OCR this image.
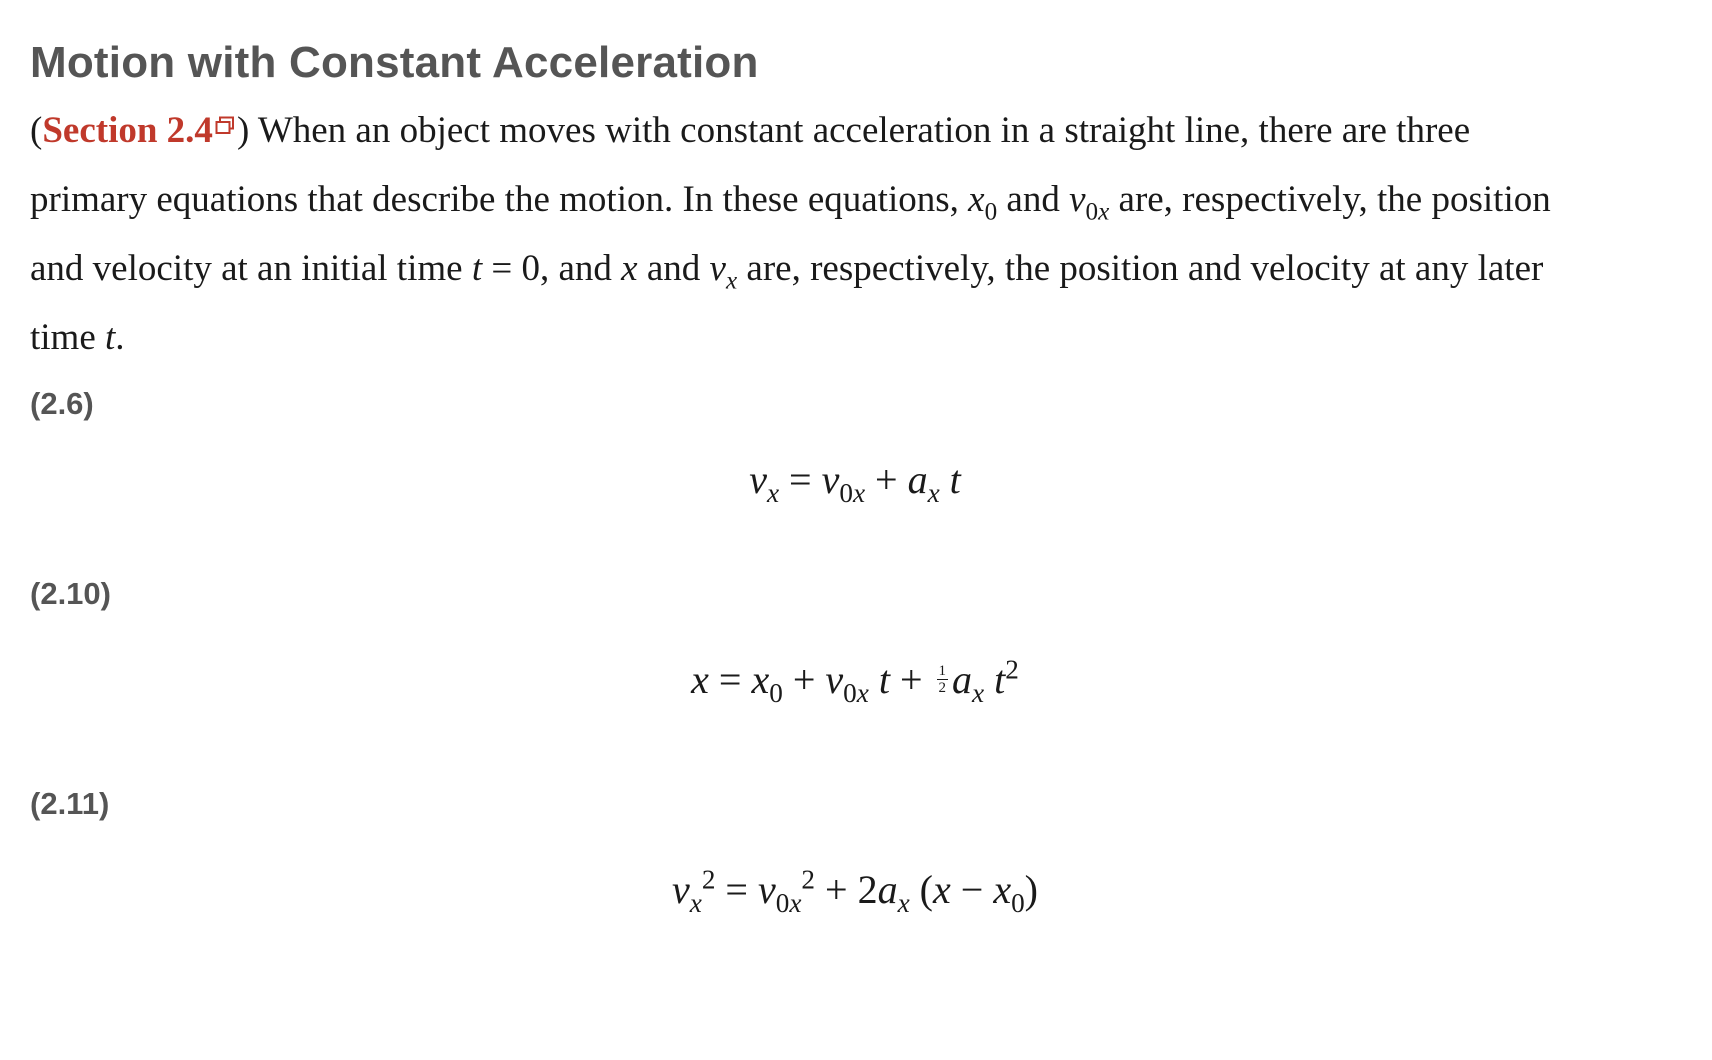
Motion with Constant Acceleration

(Section 2.4 ) When an object moves with constant acceleration in a straight line, there are three primary equations that describe the motion. In these equations, $x_0$ and $v_{0x}$ are, respectively, the position and velocity at an initial time t = 0, and x and $v_x$ are, respectively, the position and velocity at any later time t.

(2.6)
$v_x = v_{0x} + a_x$ t
(2.10)
$x = x_0 + v_{0x}$ $t + \frac{1}{2} a_x$ $t^2$
(2.11)
$v_x^2 = v_{0x}^2 + 2a_x$ $(x - x_0)$
